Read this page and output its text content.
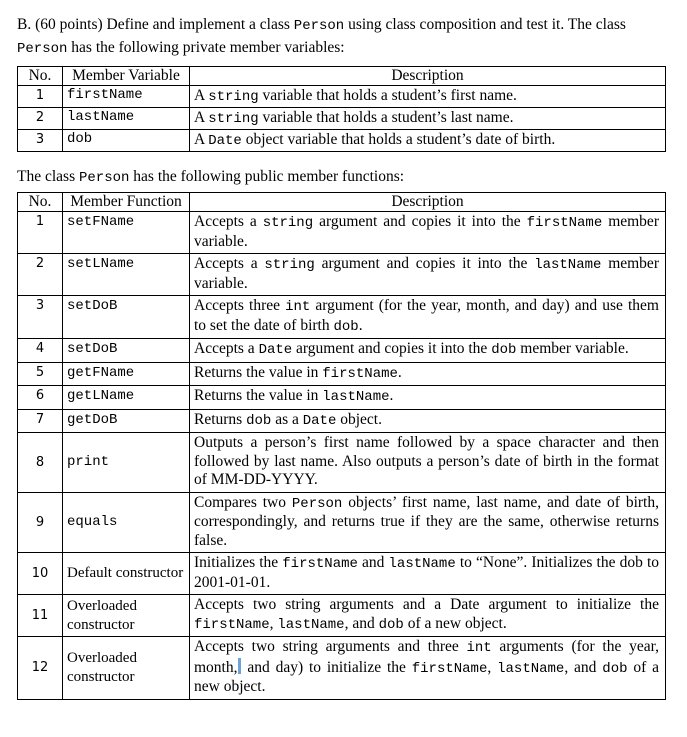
B. (60 points) Define and implement a class Person using class composition and test it. The class
Person has the following private member variables:
No.	Member Variable	Description
1	firstName	A string variable that holds a student’s first name.
2	lastName	A string variable that holds a student’s last name.
3	dob	A Date object variable that holds a student’s date of birth.
The class Person has the following public member functions:
No.	Member Function	Description
1	setFName	Accepts a string argument and copies it into the firstName member variable.
2	setLName	Accepts a string argument and copies it into the lastName member variable.
3	setDoB	Accepts three int argument (for the year, month, and day) and use them to set the date of birth dob.
4	setDoB	Accepts a Date argument and copies it into the dob member variable.
5	getFName	Returns the value in firstName.
6	getLName	Returns the value in lastName.
7	getDoB	Returns dob as a Date object.
8	print	Outputs a person’s first name followed by a space character and then followed by last name. Also outputs a person’s date of birth in the format of MM-DD-YYYY.
9	equals	Compares two Person objects’ first name, last name, and date of birth, correspondingly, and returns true if they are the same, otherwise returns false.
10	Default constructor	Initializes the firstName and lastName to “None”. Initializes the dob to 2001-01-01.
11	Overloaded constructor	Accepts two string arguments and a Date argument to initialize the firstName, lastName, and dob of a new object.
12	Overloaded constructor	Accepts two string arguments and three int arguments (for the year, month, and day) to initialize the firstName, lastName, and dob of a new object.
